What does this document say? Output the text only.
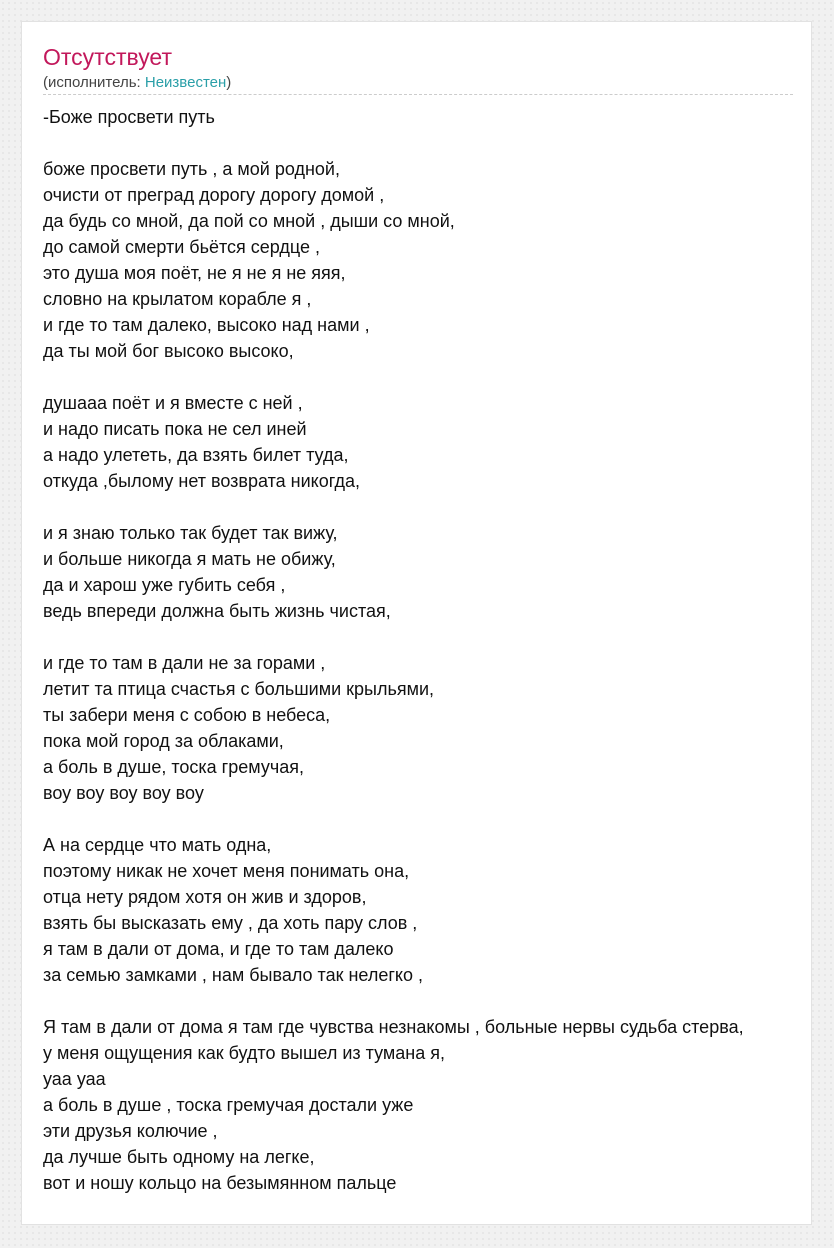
Отсутствует
(исполнитель: Неизвестен)
-Боже просвети путь
боже просвети путь , а мой родной,
очисти от преград дорогу дорогу домой ,
да будь со мной, да пой со мной , дыши со мной,
до самой смерти бьётся сердце ,
это душа моя поёт, не я не я не яяя,
словно на крылатом корабле я ,
и где то там далеко, высоко над нами ,
да ты мой бог высоко высоко,
душааа поёт и я вместе с ней ,
и надо писать пока не сел иней
а надо улететь, да взять билет туда,
откуда ,былому нет возврата никогда,
и я знаю только так будет так вижу,
и больше никогда я мать не обижу,
да и харош уже губить себя ,
ведь впереди должна быть жизнь чистая,
и где то там в дали не за горами ,
летит та птица счастья с большими крыльями,
ты забери меня с собою в небеса,
пока мой город за облаками,
а боль в душе, тоска гремучая,
воу воу воу воу воу
А на сердце что мать одна,
поэтому никак не хочет меня понимать она,
отца нету рядом хотя он жив и здоров,
взять бы высказать ему , да хоть пару слов ,
я там в дали от дома, и где то там далеко
за семью замками , нам бывало так нелегко ,
Я там в дали от дома я там где чувства незнакомы , больные нервы судьба стерва,
у меня ощущения как будто вышел из тумана я,
уаа уаа
а боль в душе , тоска гремучая достали уже
эти друзья колючие ,
да лучше быть одному на легке,
вот и ношу кольцо на безымянном пальце
